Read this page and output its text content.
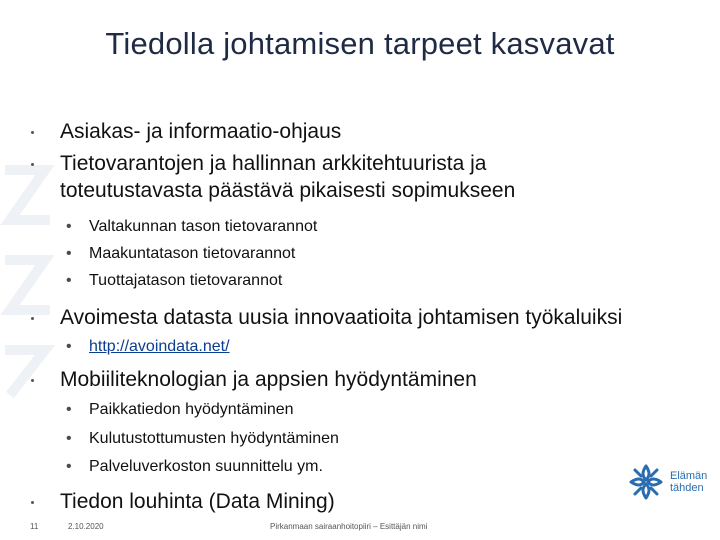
Tiedolla johtamisen tarpeet kasvavat
Asiakas- ja informaatio-ohjaus
Tietovarantojen ja hallinnan arkkitehtuurista ja
toteutustavasta päästävä pikaisesti sopimukseen
• Valtakunnan tason tietovarannot
• Maakuntatason tietovarannot
• Tuottajatason tietovarannot
Avoimesta datasta uusia innovaatioita johtamisen työkaluiksi
• http://avoindata.net/
Mobiiliteknologian ja appsien hyödyntäminen
• Paikkatiedon hyödyntäminen
• Kulutustottumusten hyödyntäminen
• Palveluverkoston suunnittelu ym.
Tiedon louhinta (Data Mining)
Elämän
tähden
11	2.10.2020	Pirkanmaan sairaanhoitopiiri – Esittäjän nimi
